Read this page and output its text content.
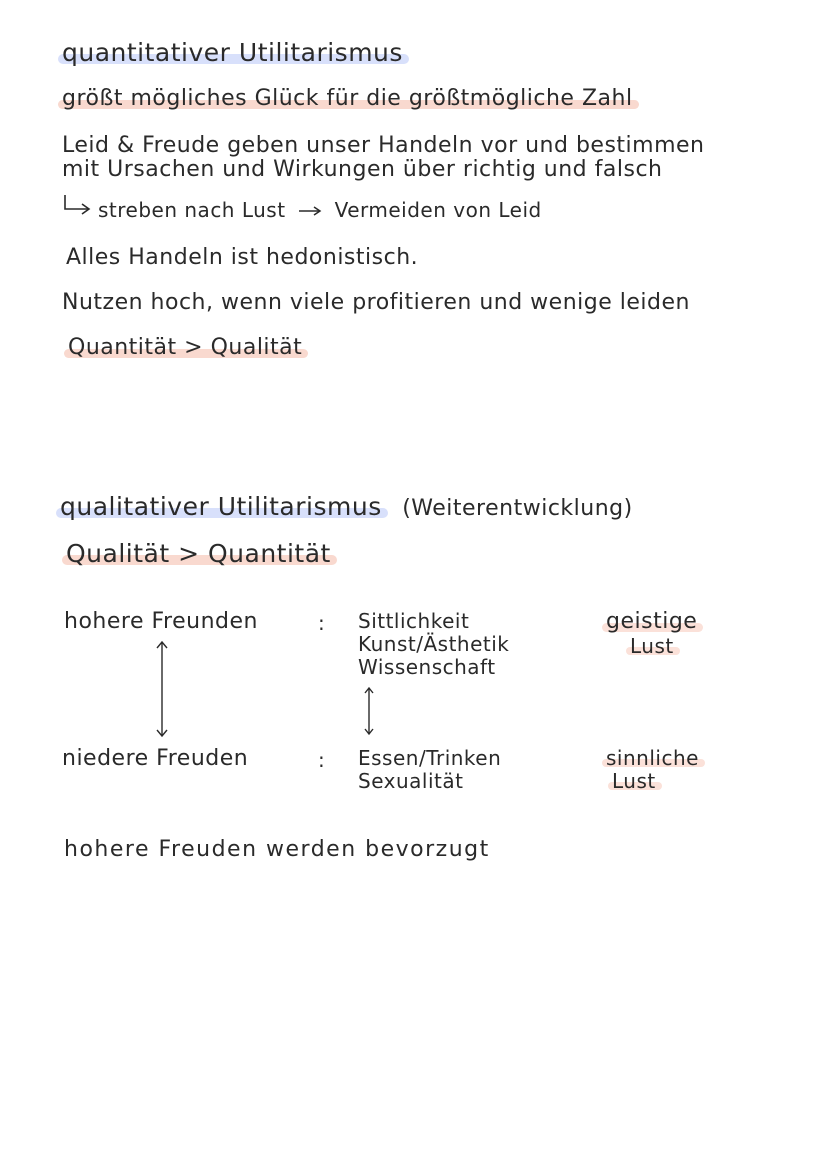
quantitativer Utilitarismus
größt mögliches Glück für die größtmögliche Zahl
Leid & Freude geben unser Handeln vor und bestimmen
mit Ursachen und Wirkungen über richtig und falsch
streben nach Lust Vermeiden von Leid
Alles Handeln ist hedonistisch.
Nutzen hoch, wenn viele profitieren und wenige leiden
Quantität > Qualität
qualitativer Utilitarismus (Weiterentwicklung)
Qualität > Quantität
hohere Freunden	: Sittlichkeit
Kunst/Ästhetik
Wissenschaft
geistige
Lust
niedere Freuden	: Essen/Trinken
Sexualität
sinnliche
Lust
hohere Freuden werden bevorzugt
